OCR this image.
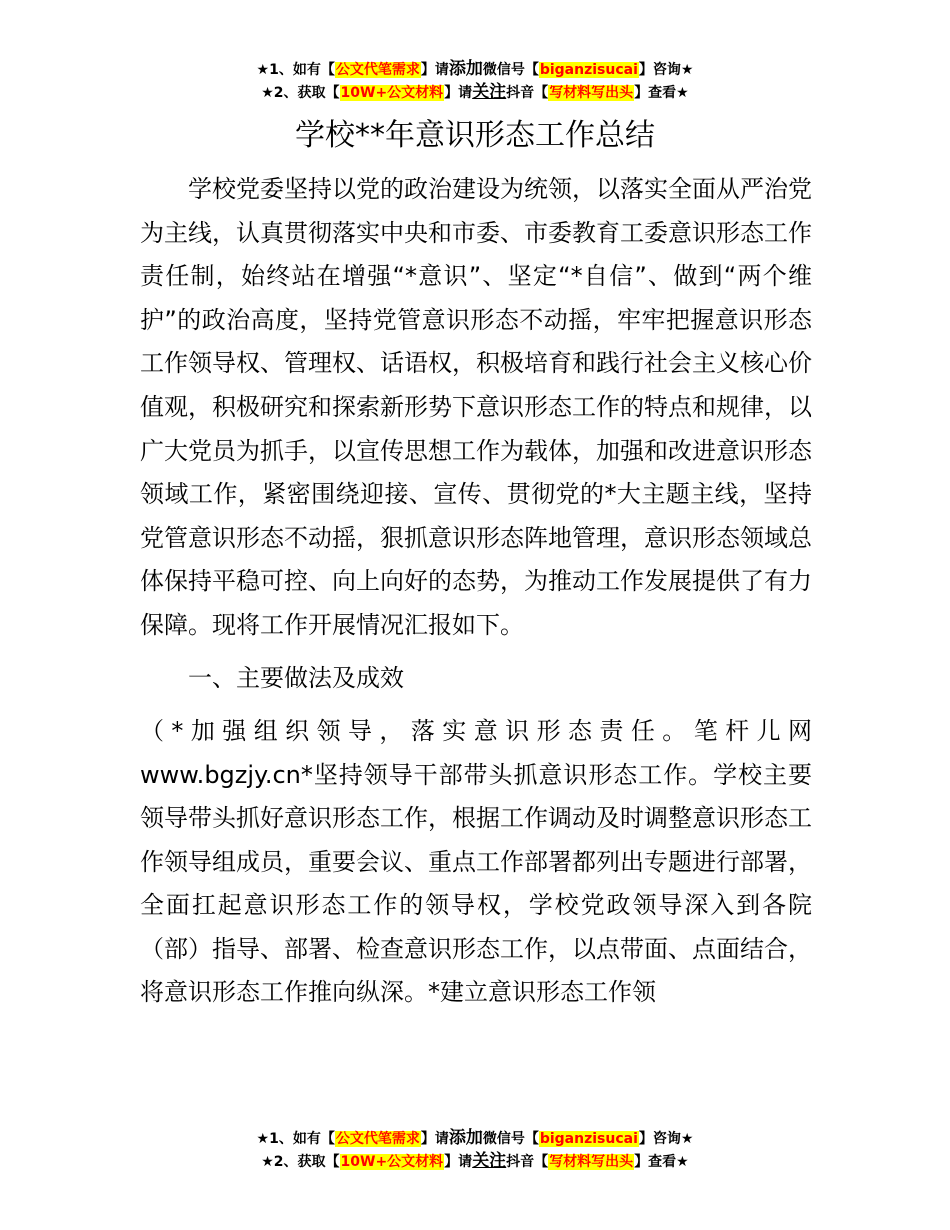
★1、如有【公文代笔需求】请添加微信号【biganzisucai】咨询★
★2、获取【10W+公文材料】请关注抖音【写材料写出头】查看★
学校**年意识形态工作总结

学校党委坚持以党的政治建设为统领，以落实全面从严治党为主线，认真贯彻落实中央和市委、市委教育工委意识形态工作责任制，始终站在增强“*意识”、坚定“*自信”、做到“两个维护”的政治高度，坚持党管意识形态不动摇，牢牢把握意识形态工作领导权、管理权、话语权，积极培育和践行社会主义核心价值观，积极研究和探索新形势下意识形态工作的特点和规律，以广大党员为抓手，以宣传思想工作为载体，加强和改进意识形态领域工作，紧密围绕迎接、宣传、贯彻党的*大主题主线，坚持党管意识形态不动摇，狠抓意识形态阵地管理，意识形态领域总体保持平稳可控、向上向好的态势，为推动工作发展提供了有力保障。现将工作开展情况汇报如下。

一、主要做法及成效

（*加强组织领导，落实意识形态责任。笔杆儿网www.bgzjy.cn*坚持领导干部带头抓意识形态工作。学校主要领导带头抓好意识形态工作，根据工作调动及时调整意识形态工作领导组成员，重要会议、重点工作部署都列出专题进行部署，全面扛起意识形态工作的领导权，学校党政领导深入到各院（部）指导、部署、检查意识形态工作，以点带面、点面结合，将意识形态工作推向纵深。*建立意识形态工作领

★1、如有【公文代笔需求】请添加微信号【biganzisucai】咨询★
★2、获取【10W+公文材料】请关注抖音【写材料写出头】查看★
